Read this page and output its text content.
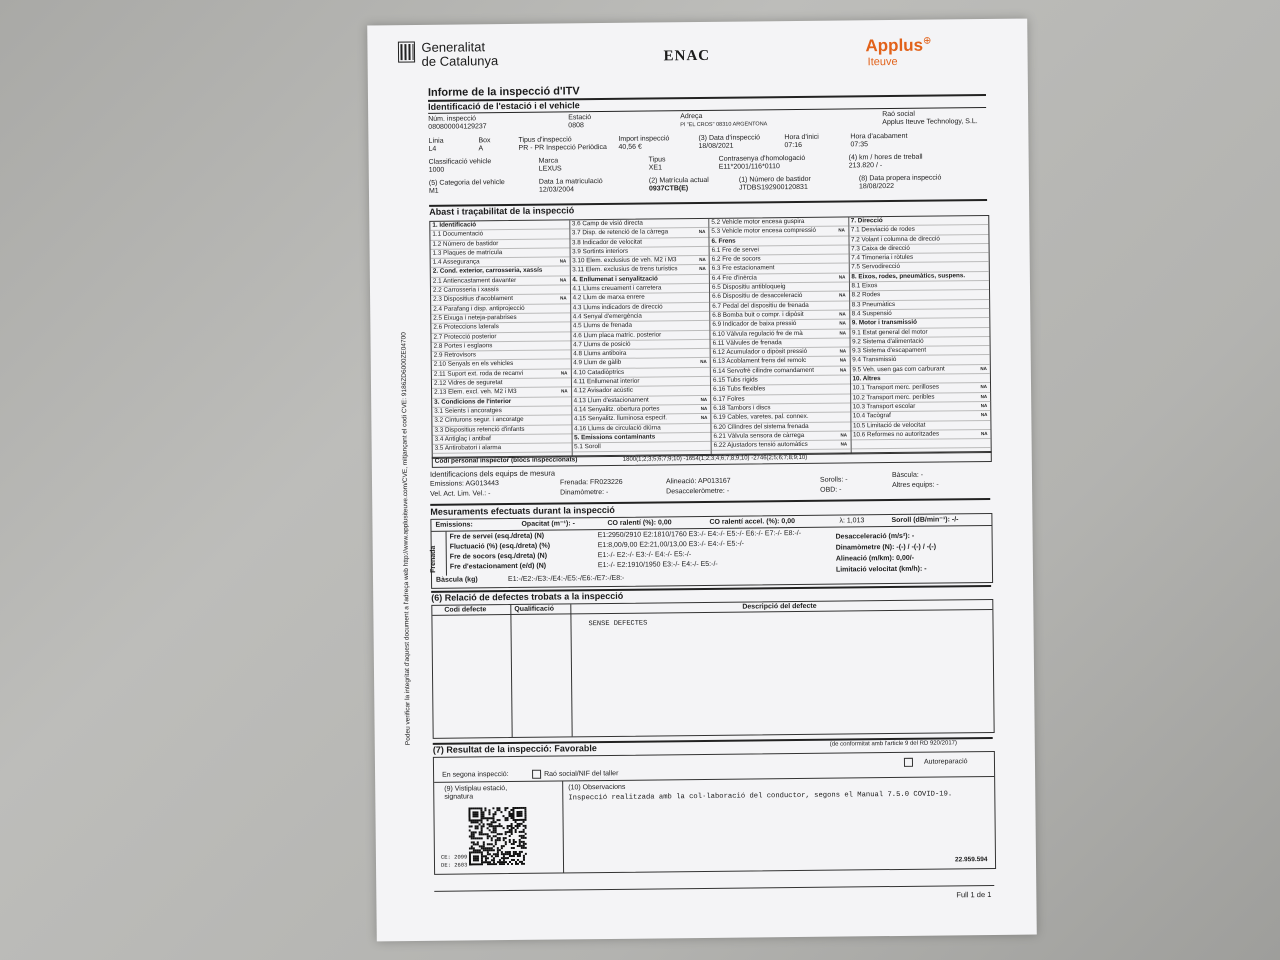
Generalitat
de Catalunya	ENAC
Applus⊕
Iteuve
Informe de la inspecció d'ITV
Identificació de l'estació i el vehicle
Núm. inspecció
080800004129237
Estació
0808
Adreça
Pl "EL CROS" 08310 ARGENTONA
Raó social
Applus Iteuve Technology, S.L.
Línia
L4
Box
A
Tipus d'inspecció
PR - PR Inspecció Periòdica
Import inspecció
40,56 €
(3) Data d'inspecció
18/08/2021
Hora d'inici
07:16
Hora d'acabament
07:35
Classificació vehicle
1000
Marca
LEXUS
Tipus
XE1
Contrasenya d'homologació
E11*2001/116*0110
(4) km / hores de treball
213.820 / -
(5) Categoria del vehicle
M1
Data 1a matriculació
12/03/2004
(2) Matrícula actual
0937CTB(E)
(1) Número de bastidor
JTDBS192900120831
(8) Data propera inspecció
18/08/2022
Abast i traçabilitat de la inspecció
1. Identificació
1.1 Documentació
1.2 Número de bastidor
1.3 Plaques de matrícula
1.4 Assegurança	NA
2. Cond. exterior, carrosseria, xassís
2.1 Antiencastament davanter	NA
2.2 Carrosseria i xassís
2.3 Dispositius d'acoblament	NA
2.4 Parafang i disp. antiprojecció
2.5 Eixuga i neteja-parabrises
2.6 Proteccions laterals
2.7 Protecció posterior
2.8 Portes i esglaons
2.9 Retrovisors
2.10 Senyals en els vehicles
2.11 Suport ext. roda de recanvi	NA
2.12 Vidres de seguretat
2.13 Elem. excl. veh. M2 i M3	NA
3. Condicions de l'interior
3.1 Seients i ancoratges
3.2 Cinturons segur. i ancoratge
3.3 Dispositius retenció d'infants
3.4 Antiglaç i antibaf
3.5 Antirobatori i alarma
3.6 Camp de visió directa
3.7 Disp. de retenció de la càrrega	NA
3.8 Indicador de velocitat
3.9 Sortints interiors
3.10 Elem. exclusius de veh. M2 i M3	NA
3.11 Elem. exclusius de trens turístics	NA
4. Enllumenat i senyalització
4.1 Llums creuament i carretera
4.2 Llum de marxa enrere
4.3 Llums indicadors de direcció
4.4 Senyal d'emergència
4.5 Llums de frenada
4.6 Llum placa matríc. posterior
4.7 Llums de posició
4.8 Llums antiboira
4.9 Llum de gàlib	NA
4.10 Catadiòptrics
4.11 Enllumenat interior
4.12 Avisador acústic
4.13 Llum d'estacionament	NA
4.14 Senyalitz. obertura portes	NA
4.15 Senyalitz. lluminosa especif.	NA
4.16 Llums de circulació diürna
5. Emissions contaminants
5.1 Soroll
5.2 Vehicle motor encesa guspira
5.3 Vehicle motor encesa compressió	NA
6. Frens
6.1 Fre de servei
6.2 Fre de socors
6.3 Fre estacionament
6.4 Fre d'inèrcia	NA
6.5 Dispositiu antibloqueig
6.6 Dispositiu de desacceleració	NA
6.7 Pedal del dispositiu de frenada
6.8 Bomba buit o compr. i dipòsit	NA
6.9 Indicador de baixa pressió	NA
6.10 Vàlvula regulació fre de mà	NA
6.11 Vàlvules de frenada
6.12 Acumulador o dipòsit pressió	NA
6.13 Acoblament frens del remolc	NA
6.14 Servofrè cilindre comandament	NA
6.15 Tubs rígids
6.16 Tubs flexibles
6.17 Folres
6.18 Tambors i discs
6.19 Cables, varetes, pal. connex.
6.20 Cilindres del sistema frenada
6.21 Vàlvula sensora de càrrega	NA
6.22 Ajustadors tensió automàtics	NA
7. Direcció
7.1 Desviació de rodes
7.2 Volant i columna de direcció
7.3 Caixa de direcció
7.4 Timoneria i ròtules
7.5 Servodirecció
8. Eixos, rodes, pneumàtics, suspens.
8.1 Eixos
8.2 Rodes
8.3 Pneumàtics
8.4 Suspensió
9. Motor i transmissió
9.1 Estat general del motor
9.2 Sistema d'alimentació
9.3 Sistema d'escapament
9.4 Transmissió
9.5 Veh. usen gas com carburant	NA
10. Altres
10.1 Transport merc. perilloses	NA
10.2 Transport merc. peribles	NA
10.3 Transport escolar	NA
10.4 Tacògraf	NA
10.5 Limitació de velocitat
10.6 Reformes no autoritzades	NA
Codi personal inspector (blocs inspeccionats)	1800(1;2;3;5;6;7;9;10) -1654(1;2;3;4;6;7;8;9;10) -2746(2;5;6;7;8;9;10)
Identificacions dels equips de mesura
Emissions: AG013443	Frenada: FR023226	Alineació: AP013167	Sorolls: -
Bàscula: -
Vel. Act. Lim. Vel.: -	Dinamòmetre: -	Desacceleròmetre: -	OBD: -
Altres equips: -
Mesuraments efectuats durant la inspecció
Emissions:	Opacitat (m⁻¹): -	CO ralentí (%): 0,00	CO ralentí accel. (%): 0,00	λ: 1,013	Soroll (dB/min⁻¹): -/-
Frenada
Fre de servei (esq./dreta) (N)	E1:2950/2910 E2:1810/1760 E3:-/- E4:-/- E5:-/- E6:-/- E7:-/- E8:-/-
Fluctuació (%) (esq./dreta) (%)	E1:8,00/9,00 E2:21,00/13,00 E3:-/- E4:-/- E5:-/-
Fre de socors (esq./dreta) (N)	E1:-/- E2:-/- E3:-/- E4:-/- E5:-/-
Fre d'estacionament (e/d) (N)	E1:-/- E2:1910/1950 E3:-/- E4:-/- E5:-/-
Bàscula (kg)	E1:-/E2:-/E3:-/E4:-/E5:-/E6:-/E7:-/E8:-
Desacceleració (m/s²): -
Dinamòmetre (N): -(-) / -(-) / -(-)
Alineació (m/km): 0,00/-
Limitació velocitat (km/h): -
(6) Relació de defectes trobats a la inspecció
Codi defecte	Qualificació	Descripció del defecte
SENSE DEFECTES
(7) Resultat de la inspecció: Favorable	(de conformitat amb l'article 9 del RD 920/2017)
En segona inspecció:	Raó social/NIF del taller
Autoreparació
(9) Vistiplau estació, signatura
CE: 2099
DE: 2603
(10) Observacions
Inspecció realitzada amb la col·laboració del conductor, segons el Manual 7.5.0 COVID-19.
22.959.594
Full 1 de 1
Podeu verificar la integritat d'aquest document a l'adreça web http://www.applusiteuve.com/CVE, mitjançant el codi CVE: 9186ZD6000ZE04700
